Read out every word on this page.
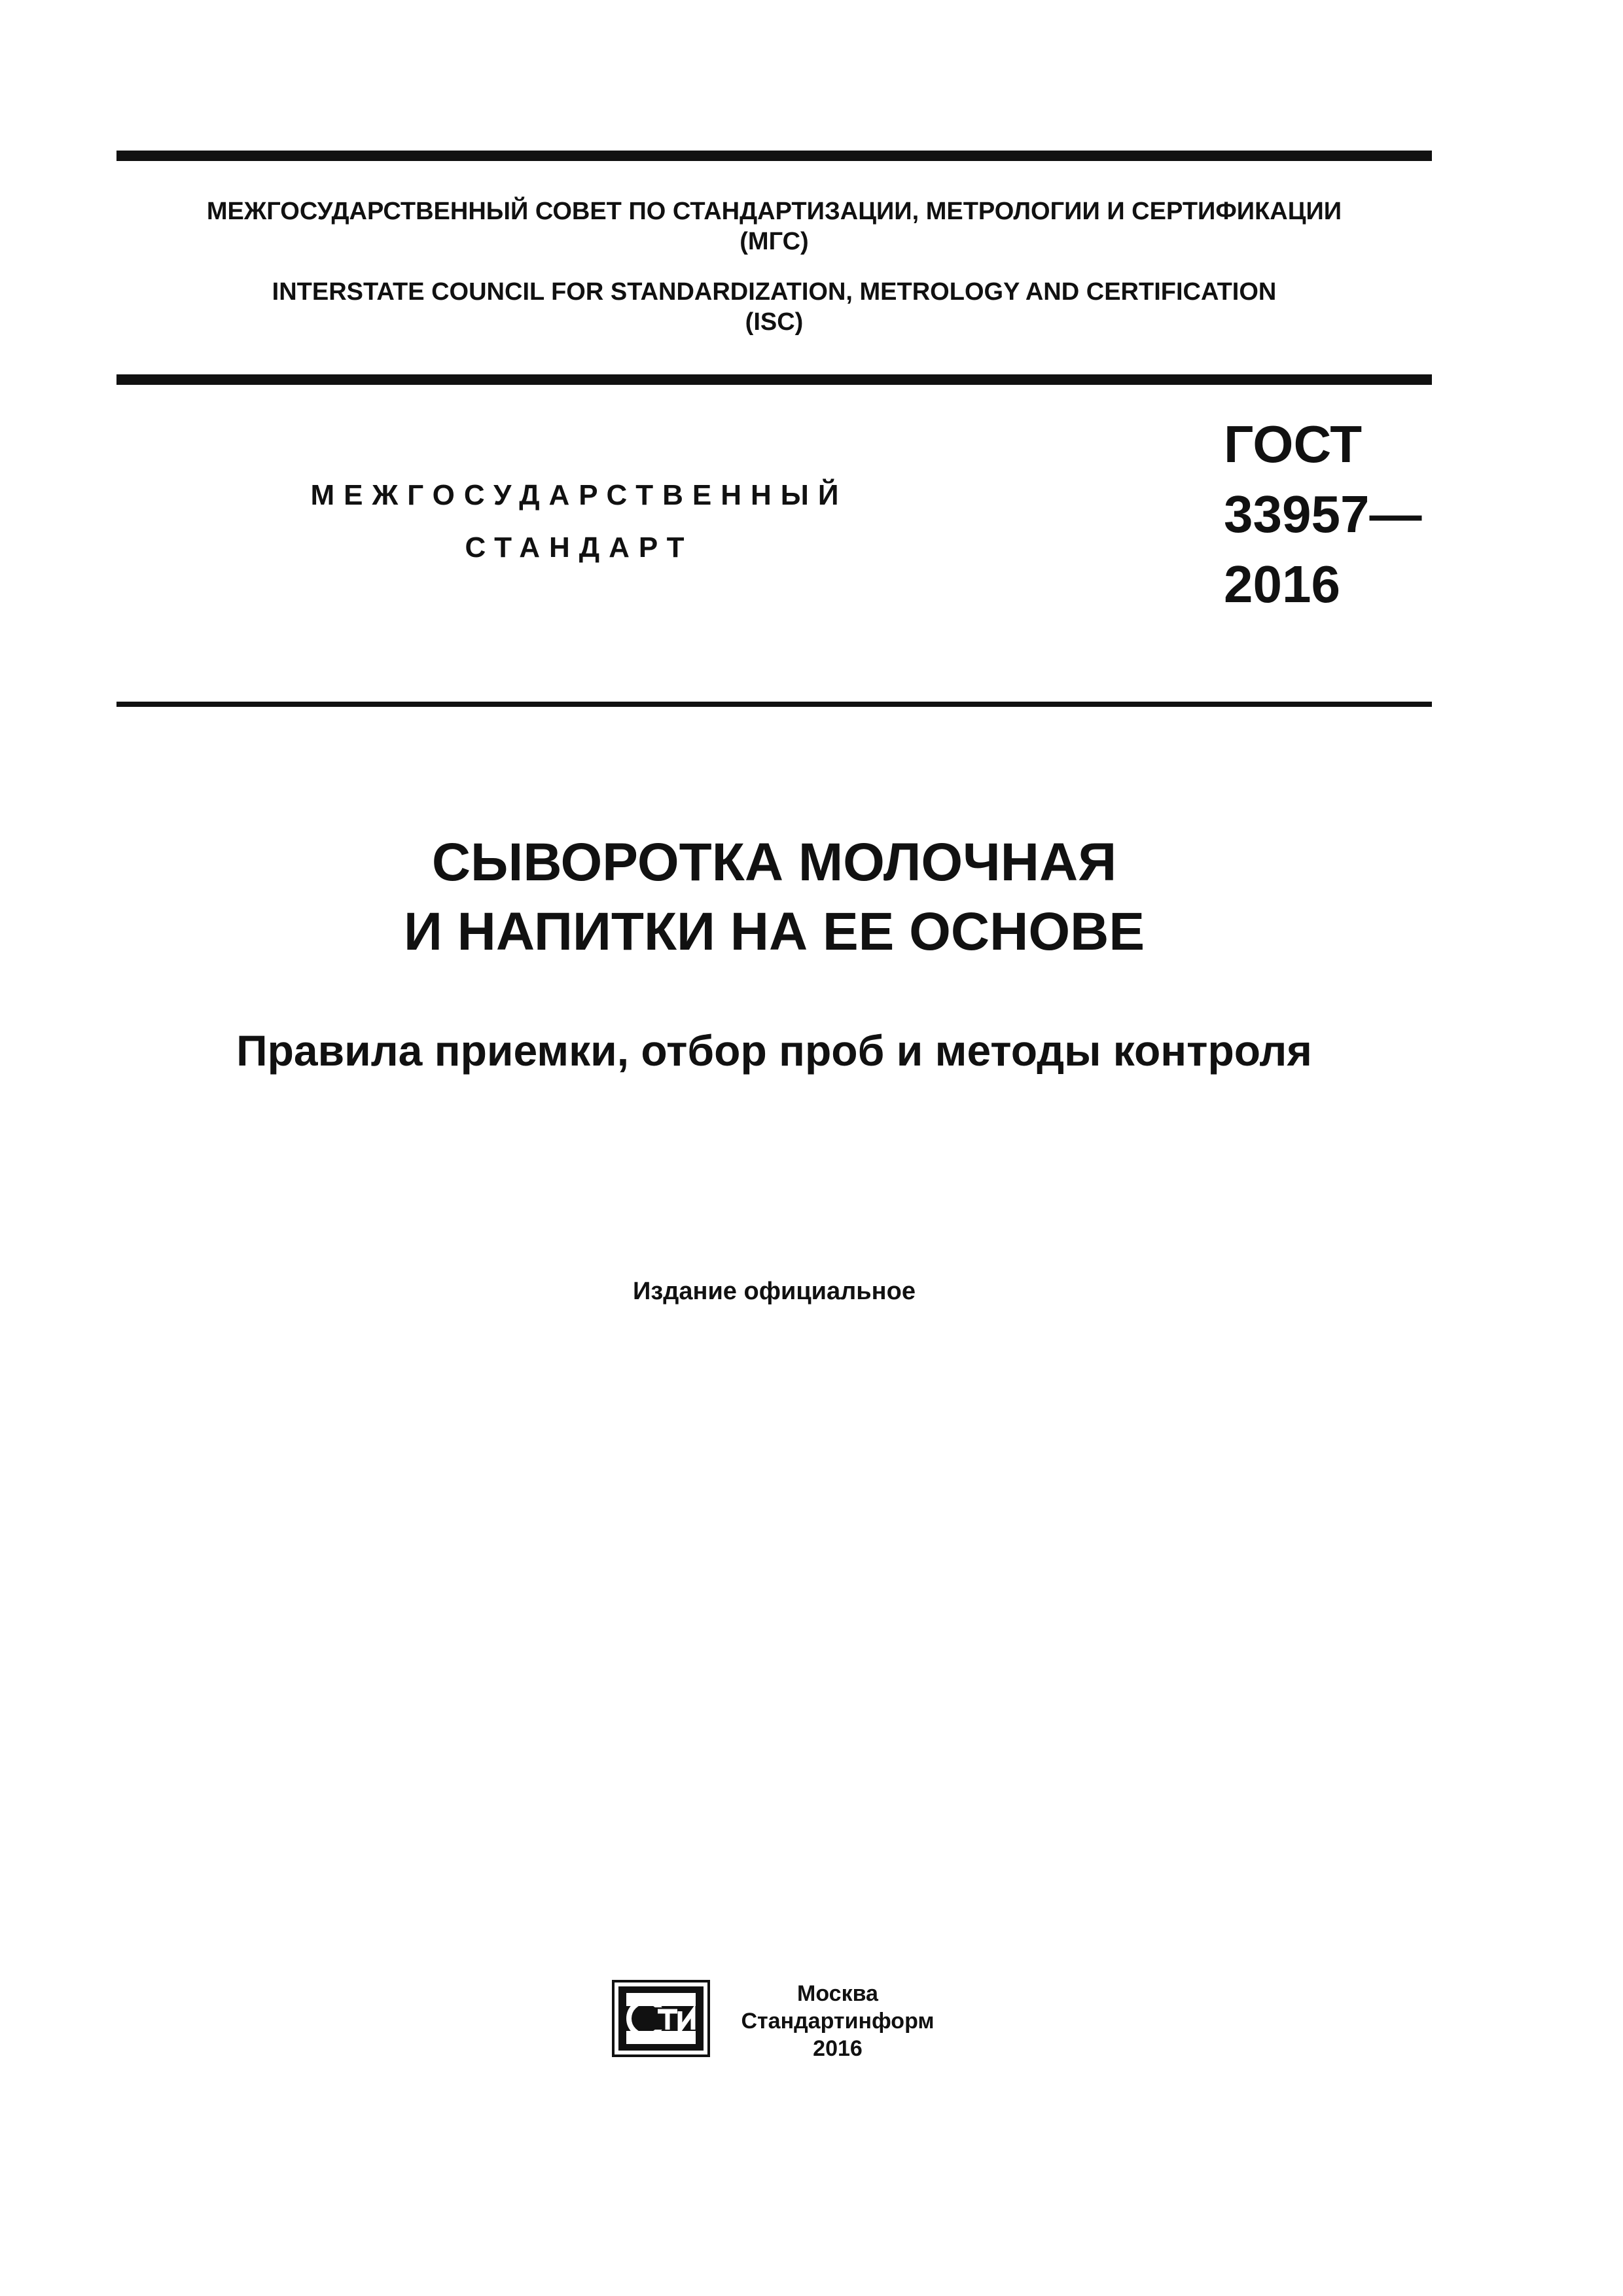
МЕЖГОСУДАРСТВЕННЫЙ СОВЕТ ПО СТАНДАРТИЗАЦИИ, МЕТРОЛОГИИ И СЕРТИФИКАЦИИ
(МГС)
INTERSTATE COUNCIL FOR STANDARDIZATION, METROLOGY AND CERTIFICATION
(ISC)
МЕЖГОСУДАРСТВЕННЫЙ
СТАНДАРТ
ГОСТ
33957—
2016
СЫВОРОТКА МОЛОЧНАЯ
И НАПИТКИ НА ЕЕ ОСНОВЕ
Правила приемки, отбор проб и методы контроля
Издание официальное
Москва
Стандартинформ
2016
